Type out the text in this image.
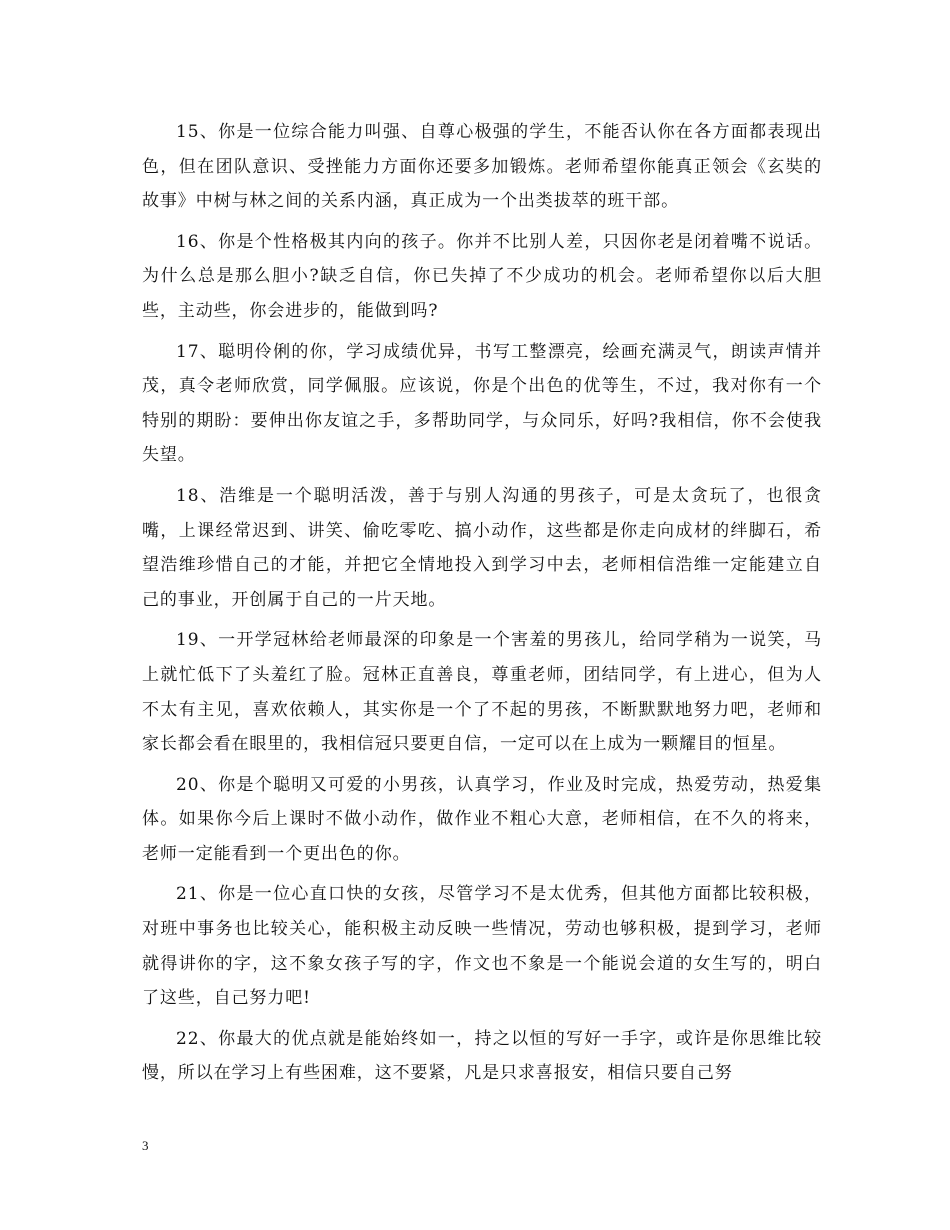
15、你是一位综合能力叫强、自尊心极强的学生，不能否认你在各方面都表现出色，但在团队意识、受挫能力方面你还要多加锻炼。老师希望你能真正领会《玄奘的故事》中树与林之间的关系内涵，真正成为一个出类拔萃的班干部。

16、你是个性格极其内向的孩子。你并不比别人差，只因你老是闭着嘴不说话。为什么总是那么胆小?缺乏自信，你已失掉了不少成功的机会。老师希望你以后大胆些，主动些，你会进步的，能做到吗?

17、聪明伶俐的你，学习成绩优异，书写工整漂亮，绘画充满灵气，朗读声情并茂，真令老师欣赏，同学佩服。应该说，你是个出色的优等生，不过，我对你有一个特别的期盼：要伸出你友谊之手，多帮助同学，与众同乐，好吗?我相信，你不会使我失望。

18、浩维是一个聪明活泼，善于与别人沟通的男孩子，可是太贪玩了，也很贪嘴，上课经常迟到、讲笑、偷吃零吃、搞小动作，这些都是你走向成材的绊脚石，希望浩维珍惜自己的才能，并把它全情地投入到学习中去，老师相信浩维一定能建立自己的事业，开创属于自己的一片天地。

19、一开学冠林给老师最深的印象是一个害羞的男孩儿，给同学稍为一说笑，马上就忙低下了头羞红了脸。冠林正直善良，尊重老师，团结同学，有上进心，但为人不太有主见，喜欢依赖人，其实你是一个了不起的男孩，不断默默地努力吧，老师和家长都会看在眼里的，我相信冠只要更自信，一定可以在上成为一颗耀目的恒星。

20、你是个聪明又可爱的小男孩，认真学习，作业及时完成，热爱劳动，热爱集体。如果你今后上课时不做小动作，做作业不粗心大意，老师相信，在不久的将来，老师一定能看到一个更出色的你。

21、你是一位心直口快的女孩，尽管学习不是太优秀，但其他方面都比较积极，对班中事务也比较关心，能积极主动反映一些情况，劳动也够积极，提到学习，老师就得讲你的字，这不象女孩子写的字，作文也不象是一个能说会道的女生写的，明白了这些，自己努力吧!

22、你最大的优点就是能始终如一，持之以恒的写好一手字，或许是你思维比较慢，所以在学习上有些困难，这不要紧，凡是只求喜报安，相信只要自己努

3
